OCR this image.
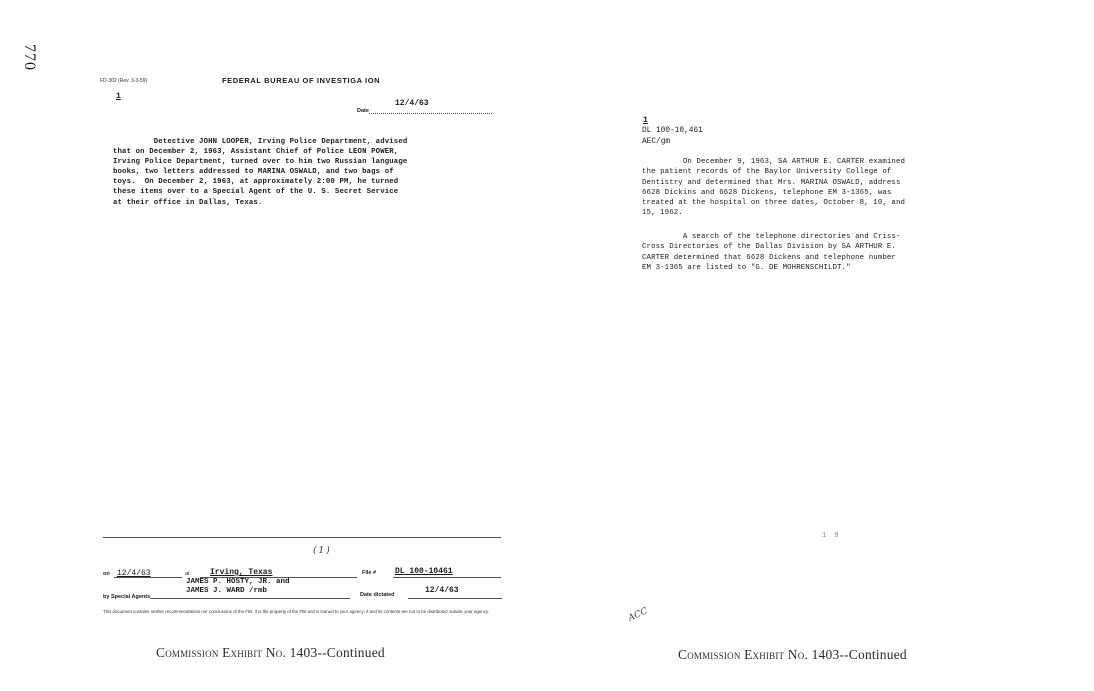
770
FD-302 (Rev. 3-3-59)	FEDERAL BUREAU OF INVESTIGA ION
1
12/4/63
Date
Detective JOHN LOOPER, Irving Police Department, advised
that on December 2, 1963, Assistant Chief of Police LEON POWER,
Irving Police Department, turned over to him two Russian language
books, two letters addressed to MARINA OSWALD, and two bags of
toys.  On December 2, 1963, at approximately 2:00 PM, he turned
these items over to a Special Agent of the U. S. Secret Service
at their office in Dallas, Texas.
(1)
on 12/4/63	at	Irving, Texas	File # DL 100-10461
JAMES P. HOSTY, JR. and
JAMES J. WARD /rmb
by Special Agents	Date dictated	12/4/63
This document contains neither recommendations nor conclusions of the FBI. It is the property of the FBI and is loaned to your agency; it and its contents are not to be distributed outside your agency.
Commission Exhibit No. 1403--Continued
1
DL 100-10,461
AEC/gm
On December 9, 1963, SA ARTHUR E. CARTER examined
the patient records of the Baylor University College of
Dentistry and determined that Mrs. MARINA OSWALD, address
6628 Dickins and 6628 Dickens, telephone EM 3-1365, was
treated at the hospital on three dates, October 8, 10, and
15, 1962.
A search of the telephone directories and Criss-
Cross Directories of the Dallas Division by SA ARTHUR E.
CARTER determined that 6628 Dickens and telephone number
EM 3-1365 are listed to "G. DE MOHRENSCHILDT."
1 9
ACC
Commission Exhibit No. 1403--Continued
